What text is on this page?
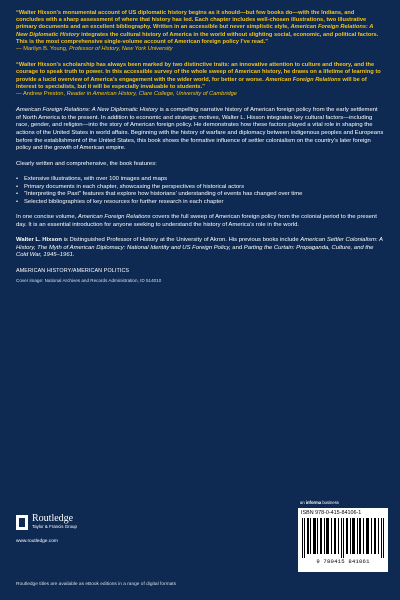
“Walter Hixson’s monumental account of US diplomatic history begins as it should—but few books do—with the Indians, and concludes with a sharp assessment of where that history has led. Each chapter includes well-chosen illustrations, two illustrative primary documents and an excellent bibliography. Written in an accessible but never simplistic style, American Foreign Relations: A New Diplomatic History integrates the cultural history of America in the world without slighting social, economic, and political factors. This is the most comprehensive single-volume account of American foreign policy I’ve read.”

— Marilyn B. Young, Professor of History, New York University

“Walter Hixson’s scholarship has always been marked by two distinctive traits: an innovative attention to culture and theory, and the courage to speak truth to power. In this accessible survey of the whole sweep of American history, he draws on a lifetime of learning to provide a lucid overview of America’s engagement with the wider world, for better or worse. American Foreign Relations will be of interest to specialists, but it will be especially invaluable to students.”

— Andrew Preston, Reader in American History, Clare College, University of Cambridge

American Foreign Relations: A New Diplomatic History is a compelling narrative history of American foreign policy from the early settlement of North America to the present. In addition to economic and strategic motives, Walter L. Hixson integrates key cultural factors—including race, gender, and religion—into the story of American foreign policy. He demonstrates how these factors played a vital role in shaping the actions of the United States in world affairs. Beginning with the history of warfare and diplomacy between indigenous peoples and Europeans before the establishment of the United States, this book shows the formative influence of settler colonialism on the country’s later foreign policy and the growth of American empire.

Clearly written and comprehensive, the book features:

• Extensive illustrations, with over 100 images and maps
• Primary documents in each chapter, showcasing the perspectives of historical actors
• “Interpreting the Past” features that explore how historians’ understanding of events has changed over time
• Selected bibliographies of key resources for further research in each chapter

In one concise volume, American Foreign Relations covers the full sweep of American foreign policy from the colonial period to the present day. It is an essential introduction for anyone seeking to understand the history of America’s role in the world.

Walter L. Hixson is Distinguished Professor of History at the University of Akron. His previous books include American Settler Colonialism: A History, The Myth of American Diplomacy: National Identity and US Foreign Policy, and Parting the Curtain: Propaganda, Culture, and the Cold War, 1945–1961.

AMERICAN HISTORY/AMERICAN POLITICS

Cover image: National Archives and Records Administration, ID 514010

Routledge
Taylor & Francis Group
www.routledge.com
Routledge titles are available as eBook editions in a range of digital formats
an informa business
ISBN 978-0-415-84106-1
9 780415 841061
